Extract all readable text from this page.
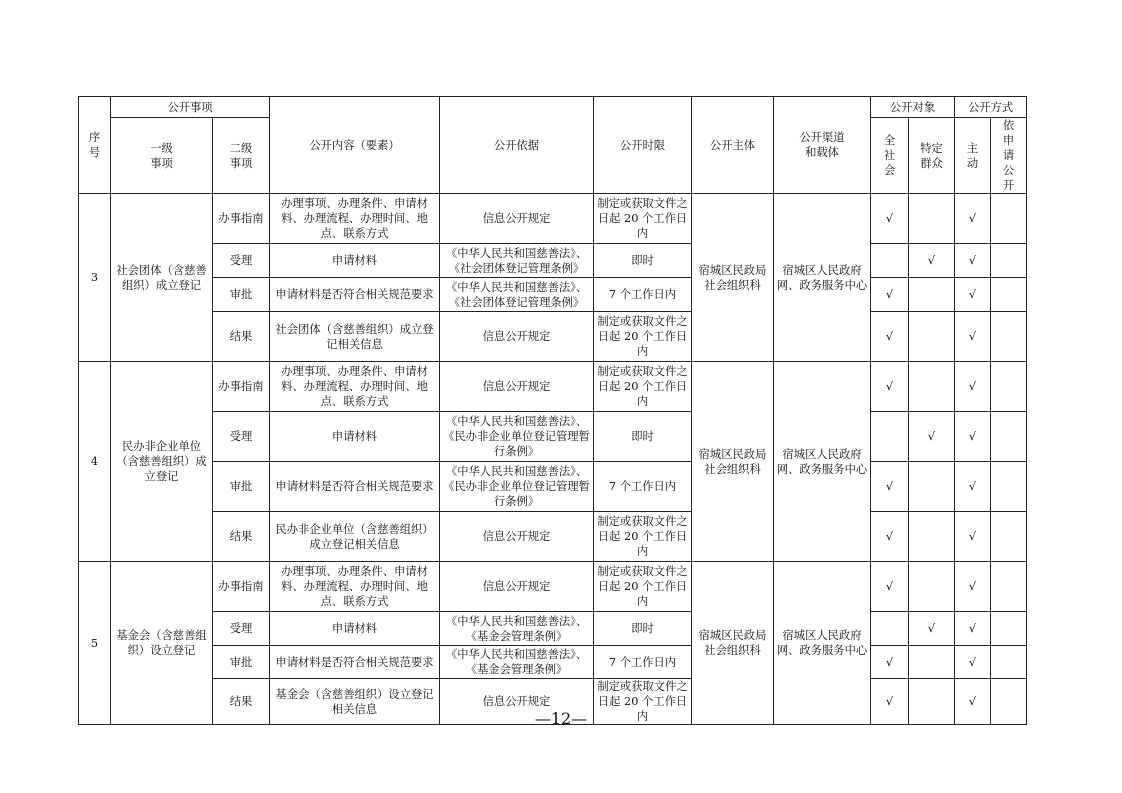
序号	公开事项		公开内容（要素）	公开依据	公开时限	公开主体	公开渠道和载体	公开对象		公开方式	
	一级事项	二级事项						全社会	特定群众	主动	依申请公开
3	社会团体（含慈善组织）成立登记	办事指南	办理事项、办理条件、申请材料、办理流程、办理时间、地点、联系方式	信息公开规定	制定或获取文件之日起 20 个工作日内	宿城区民政局社会组织科	宿城区人民政府网、政务服务中心	√		√	
		受理	申请材料	《中华人民共和国慈善法》、《社会团体登记管理条例》	即时				√	√	
		审批	申请材料是否符合相关规范要求	《中华人民共和国慈善法》、《社会团体登记管理条例》	7 个工作日内			√		√	
		结果	社会团体（含慈善组织）成立登记相关信息	信息公开规定	制定或获取文件之日起 20 个工作日内			√		√	
4	民办非企业单位（含慈善组织）成立登记	办事指南	办理事项、办理条件、申请材料、办理流程、办理时间、地点、联系方式	信息公开规定	制定或获取文件之日起 20 个工作日内	宿城区民政局社会组织科	宿城区人民政府网、政务服务中心	√		√	
		受理	申请材料	《中华人民共和国慈善法》、《民办非企业单位登记管理暂行条例》	即时				√	√	
		审批	申请材料是否符合相关规范要求	《中华人民共和国慈善法》、《民办非企业单位登记管理暂行条例》	7 个工作日内			√		√	
		结果	民办非企业单位（含慈善组织）成立登记相关信息	信息公开规定	制定或获取文件之日起 20 个工作日内			√		√	
5	基金会（含慈善组织）设立登记	办事指南	办理事项、办理条件、申请材料、办理流程、办理时间、地点、联系方式	信息公开规定	制定或获取文件之日起 20 个工作日内	宿城区民政局社会组织科	宿城区人民政府网、政务服务中心	√		√	
		受理	申请材料	《中华人民共和国慈善法》、《基金会管理条例》	即时				√	√	
		审批	申请材料是否符合相关规范要求	《中华人民共和国慈善法》、《基金会管理条例》	7 个工作日内			√		√	
		结果	基金会（含慈善组织）设立登记相关信息	信息公开规定	制定或获取文件之日起 20 个工作日内			√		√	
—12—
